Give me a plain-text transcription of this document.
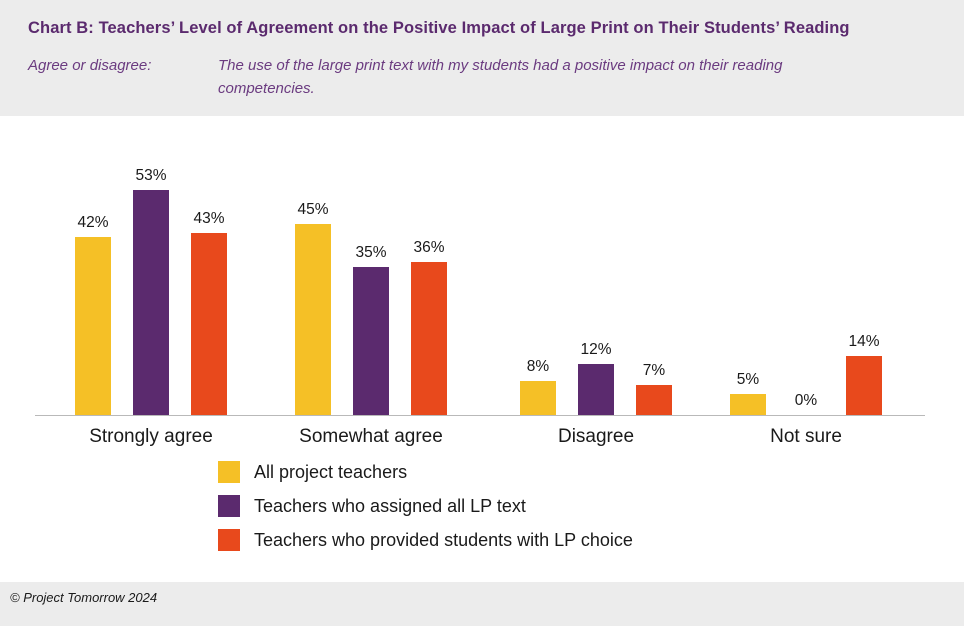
Chart B: Teachers’ Level of Agreement on the Positive Impact of Large Print on Their Students’ Reading
Agree or disagree:	The use of the large print text with my students had a positive impact on their reading competencies.
42%
53%
43%
Strongly agree
45%
35% 36%
Somewhat agree
8%
12%
7%
Disagree
5%
0%
14%
Not sure
All project teachers
Teachers who assigned all LP text
Teachers who provided students with LP choice
© Project Tomorrow 2024
